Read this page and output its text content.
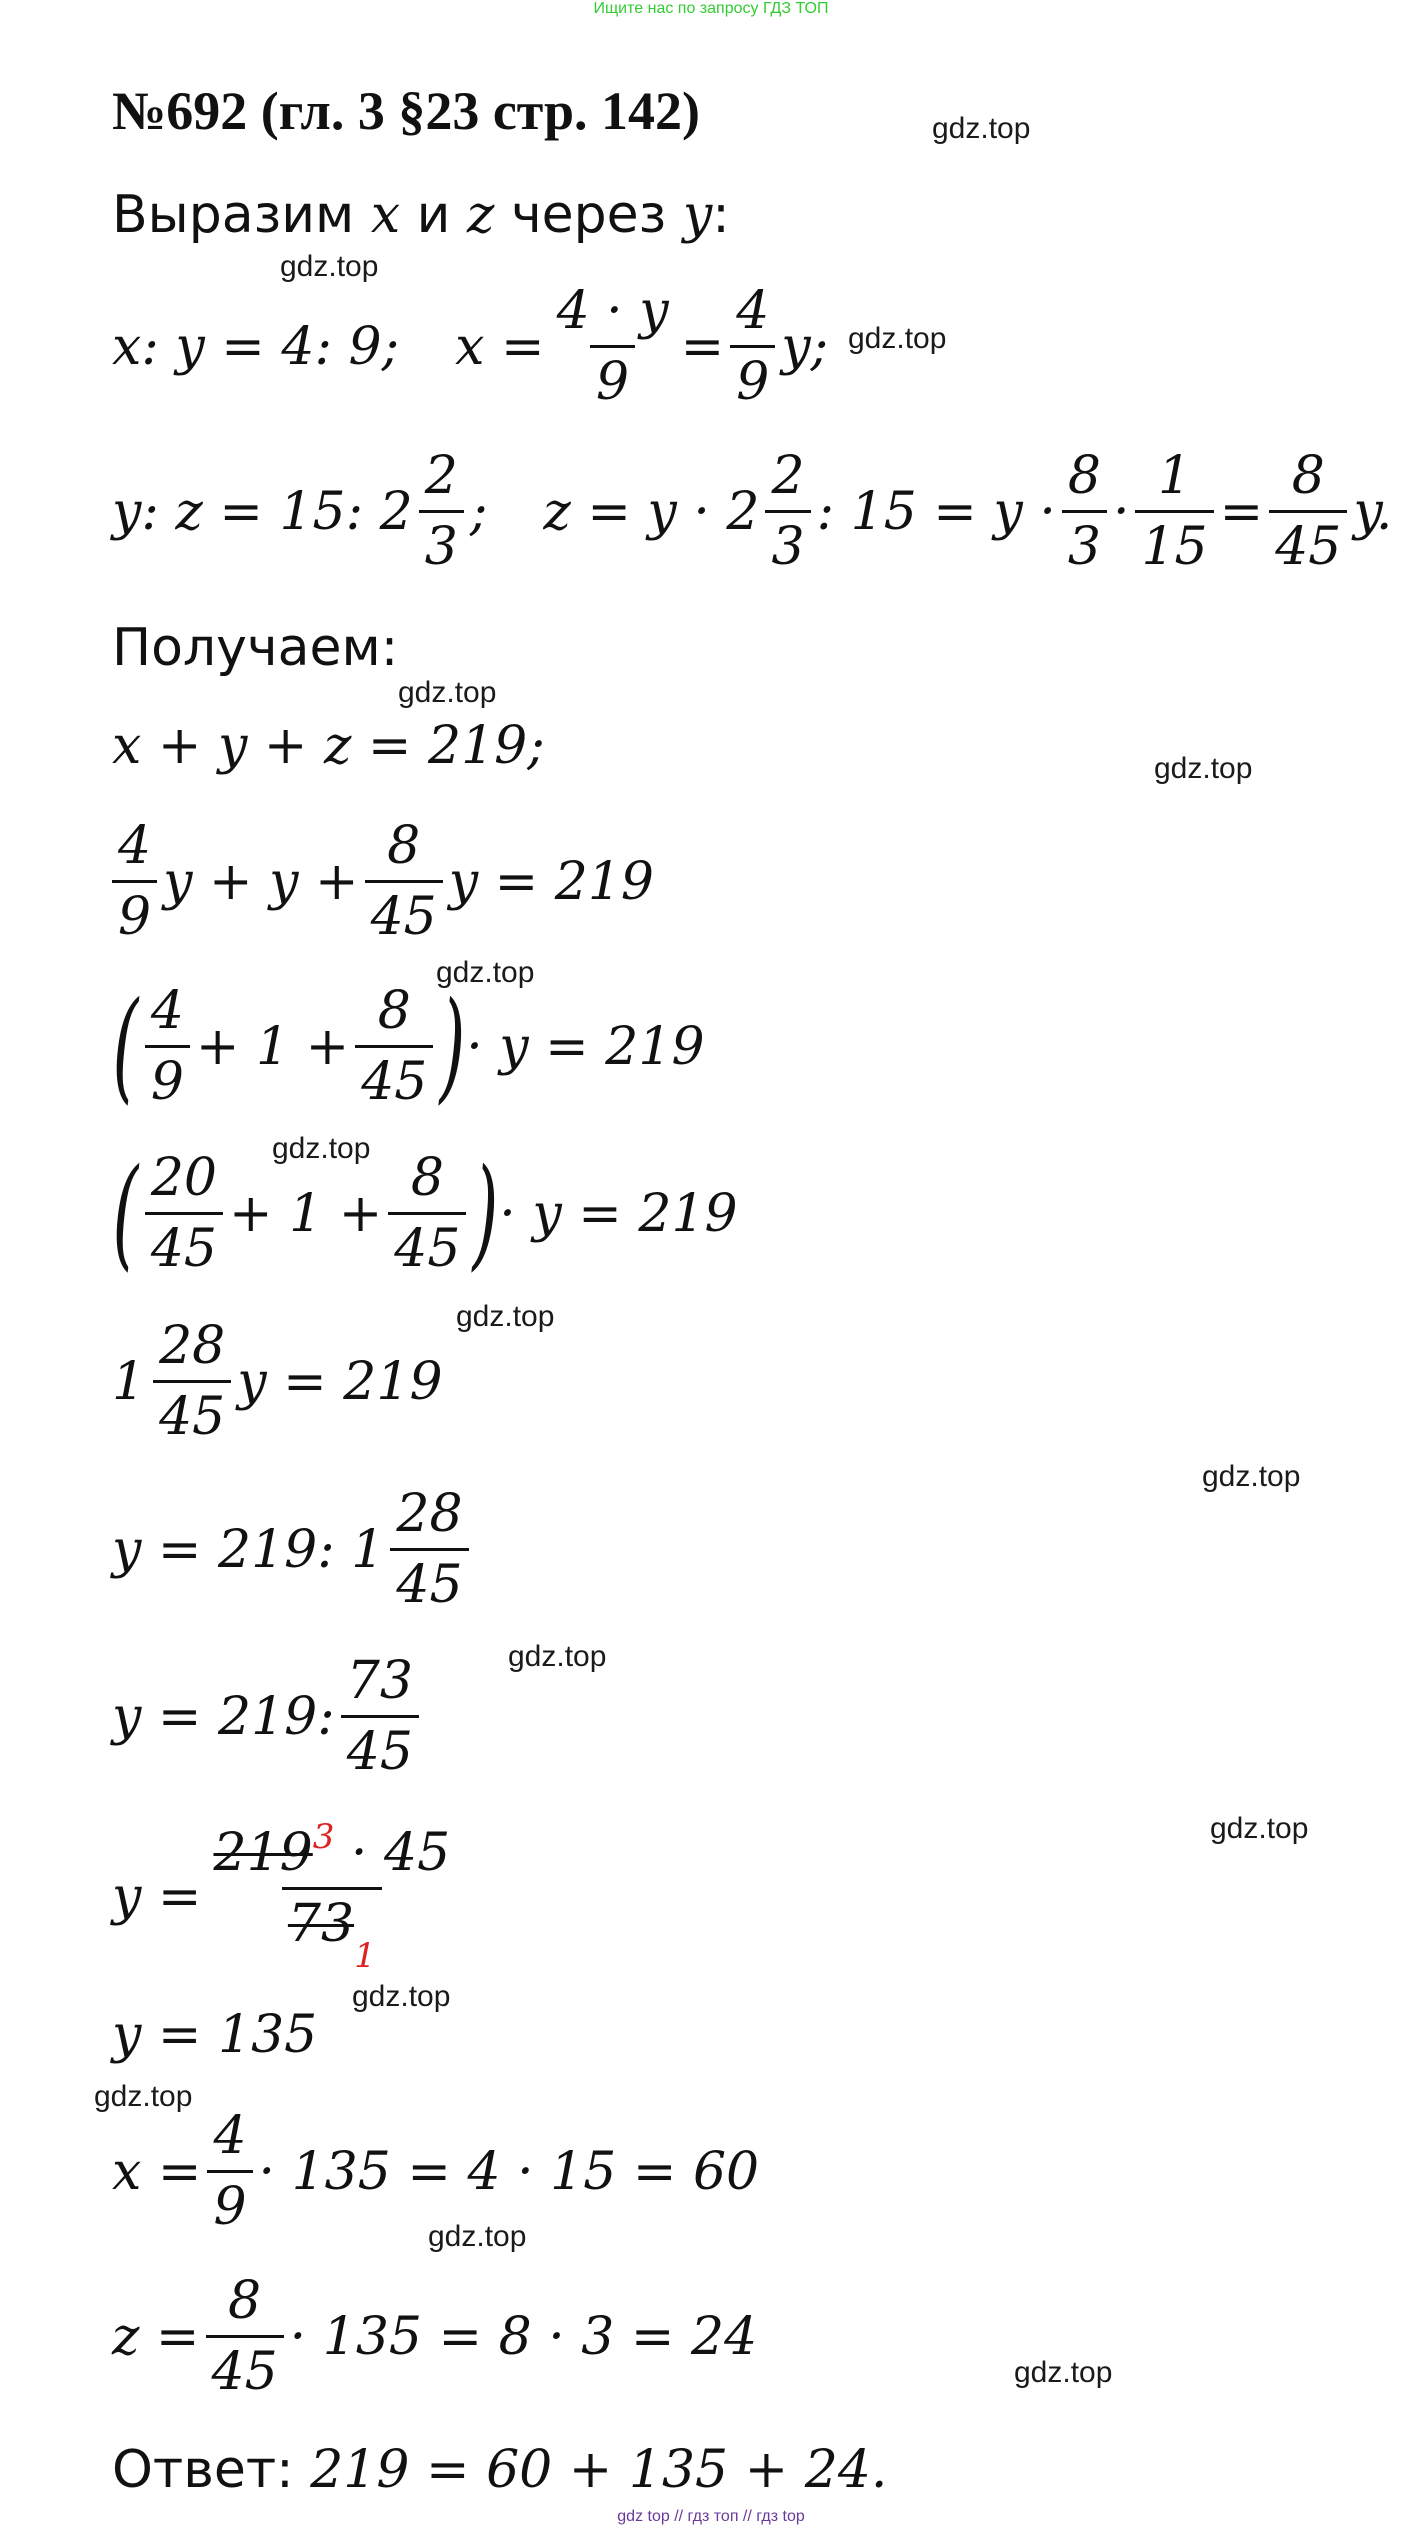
Ищите нас по запросу ГДЗ ТОП
№692 (гл. 3 §23 стр. 142)	gdz.top
gdz.top
gdz.top
gdz.top
gdz.top
gdz.top
gdz.top
gdz.top
gdz.top
gdz.top
gdz.top
gdz.top
gdz.top
gdz.top
gdz.top
Выразим
x
и
z
через
y :
x: y = 4: 9; $x = \frac{4 \cdot y}{9} = \frac{4}{9} y$;
y: z = 15: $2 \frac{2}{3}$ ; $z = y \cdot 2 \frac{2}{3}$ : $15 = y \cdot \frac{8}{3} \cdot \frac{1}{15} = \frac{8}{45} y$.
Получаем:
x + y + z = 219;
$\frac{4}{9}$ $y + y + \frac{8}{45}$ y = 219
( $\frac{4}{9} + 1 + \frac{8}{45}$ ) · y = 219
( $\frac{20}{45} + 1 + \frac{8}{45}$ ) · y = 219
$1 \frac{28}{45}$ y = 219
y = 219: $1 \frac{28}{45}$
y = 219: $\frac{73}{45}$
$y = \frac{219^3 \cdot 45}{73_1}$
y = 135
$x = \frac{4}{9} \cdot 135 = 4 \cdot 15 = 60$
$z = \frac{8}{45} \cdot 135 = 8 \cdot 3 = 24$
Ответ:
219 = 60 + 135 + 24.
gdz top // гдз топ // гдз top
